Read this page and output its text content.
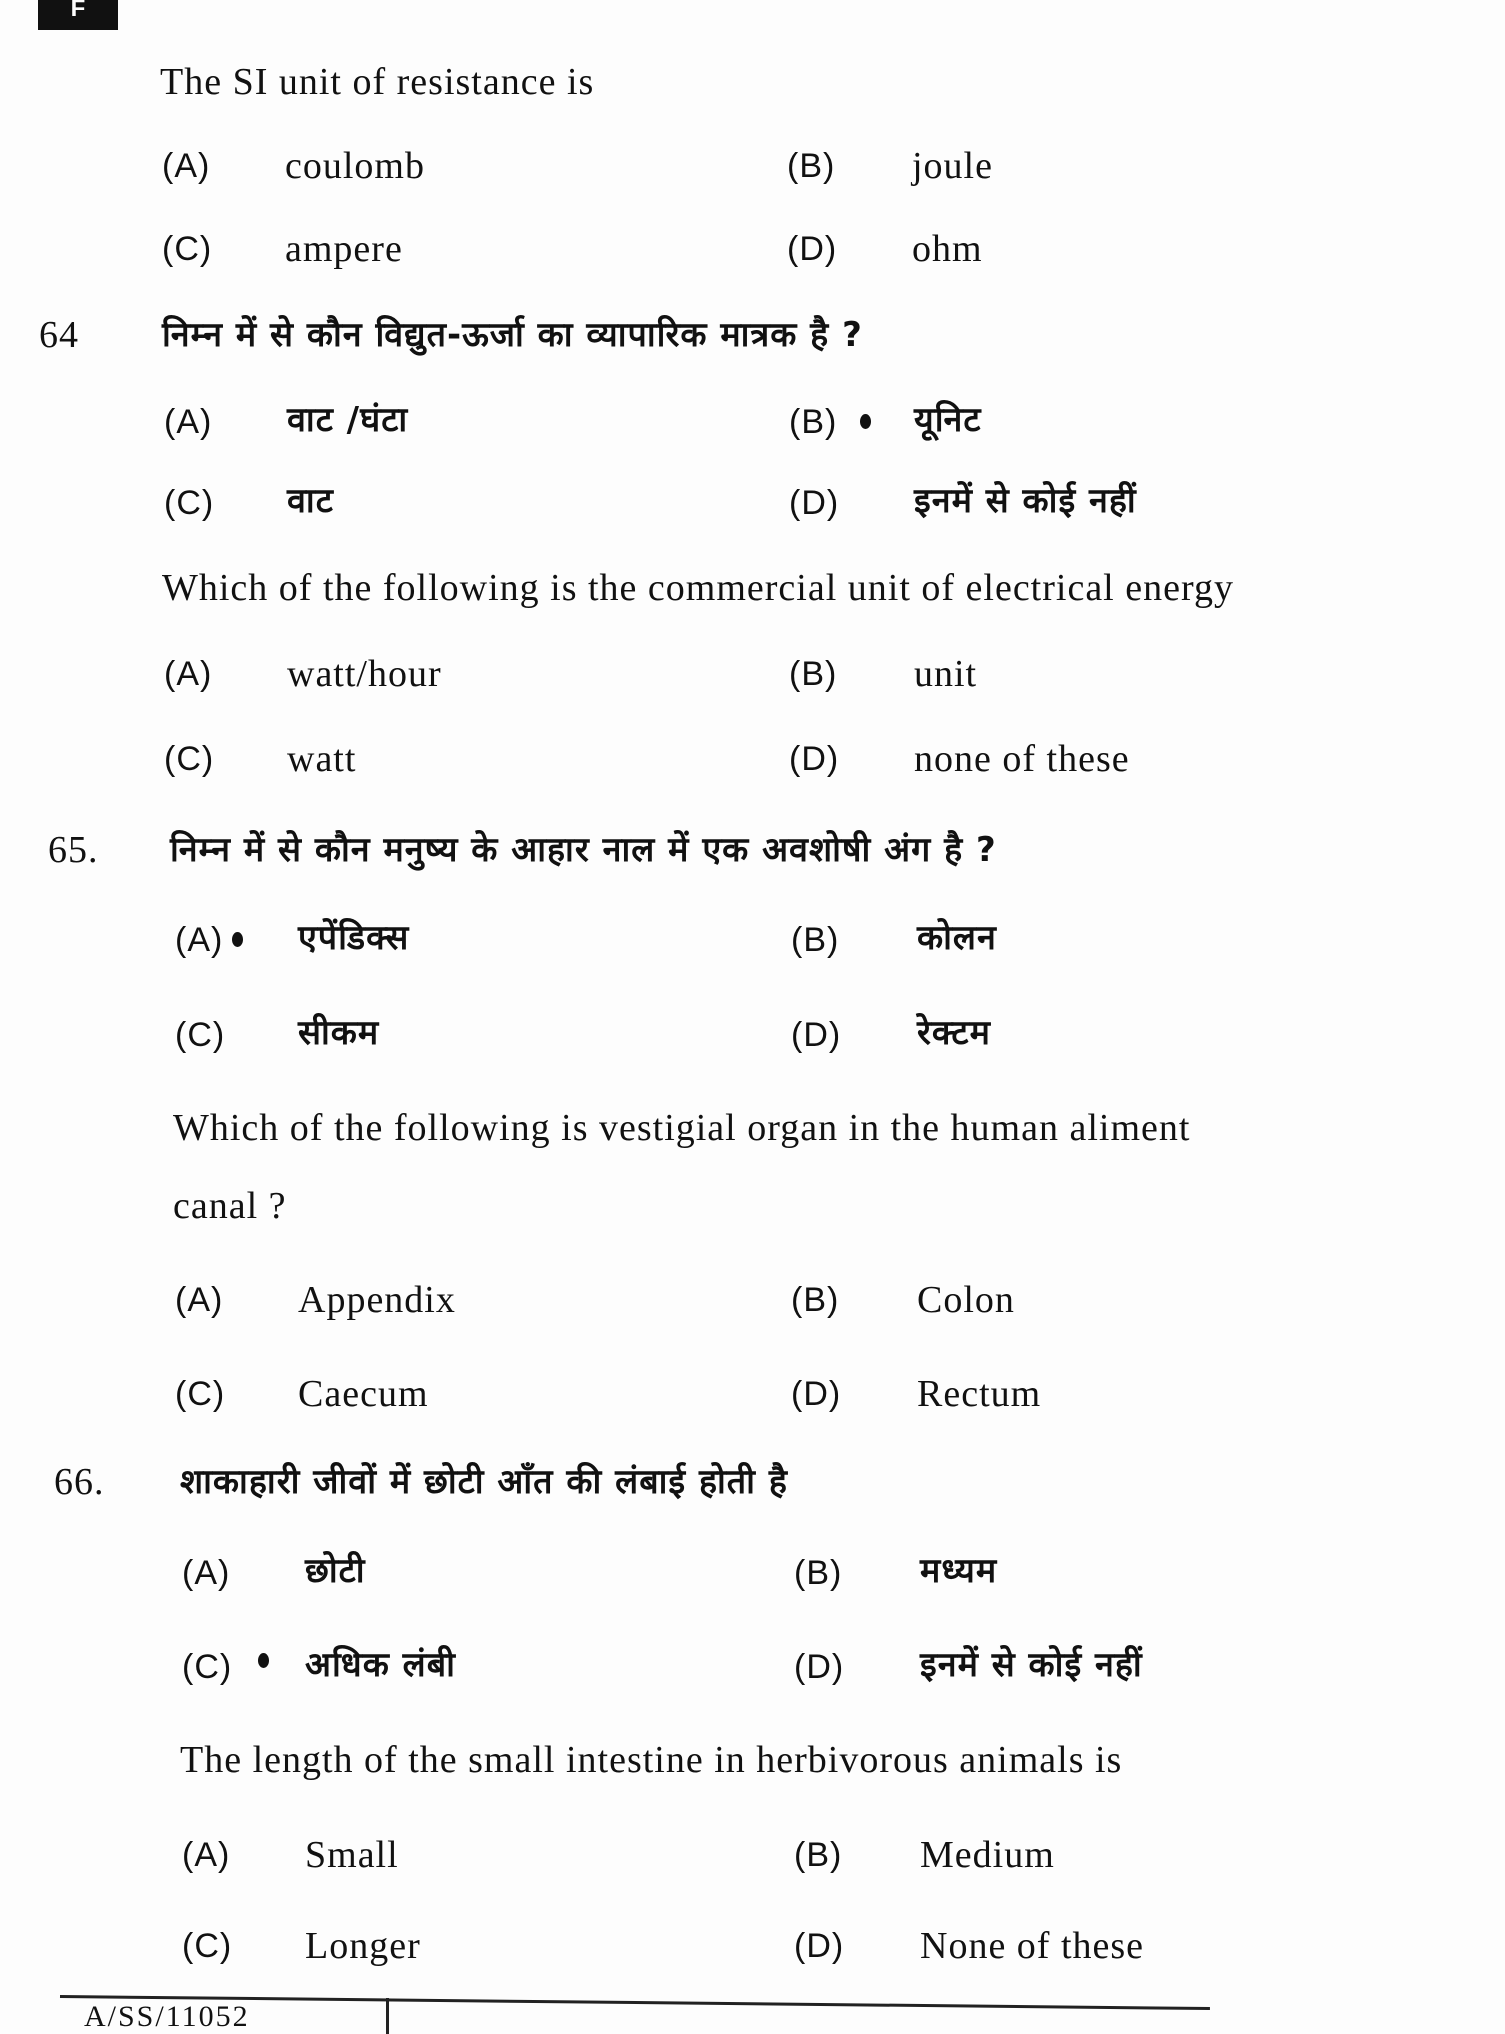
F
A/SS/11052
The SI unit of resistance is
(A) coulomb	(B) joule
(C) ampere	(D) ohm
64 निम्न में से कौन विद्युत-ऊर्जा का व्यापारिक मात्रक है ?
(A) वाट /घंटा	(B) यूनिट
(C) वाट	(D) इनमें से कोई नहीं
Which of the following is the commercial unit of electrical energy
(A) watt/hour	(B) unit
(C) watt	(D) none of these
65. निम्न में से कौन मनुष्य के आहार नाल में एक अवशोषी अंग है ?
(A) एपेंडिक्स	(B) कोलन
(C) सीकम	(D) रेक्टम
Which of the following is vestigial organ in the human aliment
canal ?
(A) Appendix	(B) Colon
(C) Caecum	(D) Rectum
66. शाकाहारी जीवों में छोटी आँत की लंबाई होती है
(A) छोटी	(B) मध्यम
(C) अधिक लंबी	(D) इनमें से कोई नहीं
The length of the small intestine in herbivorous animals is
(A) Small	(B) Medium
(C) Longer	(D) None of these
